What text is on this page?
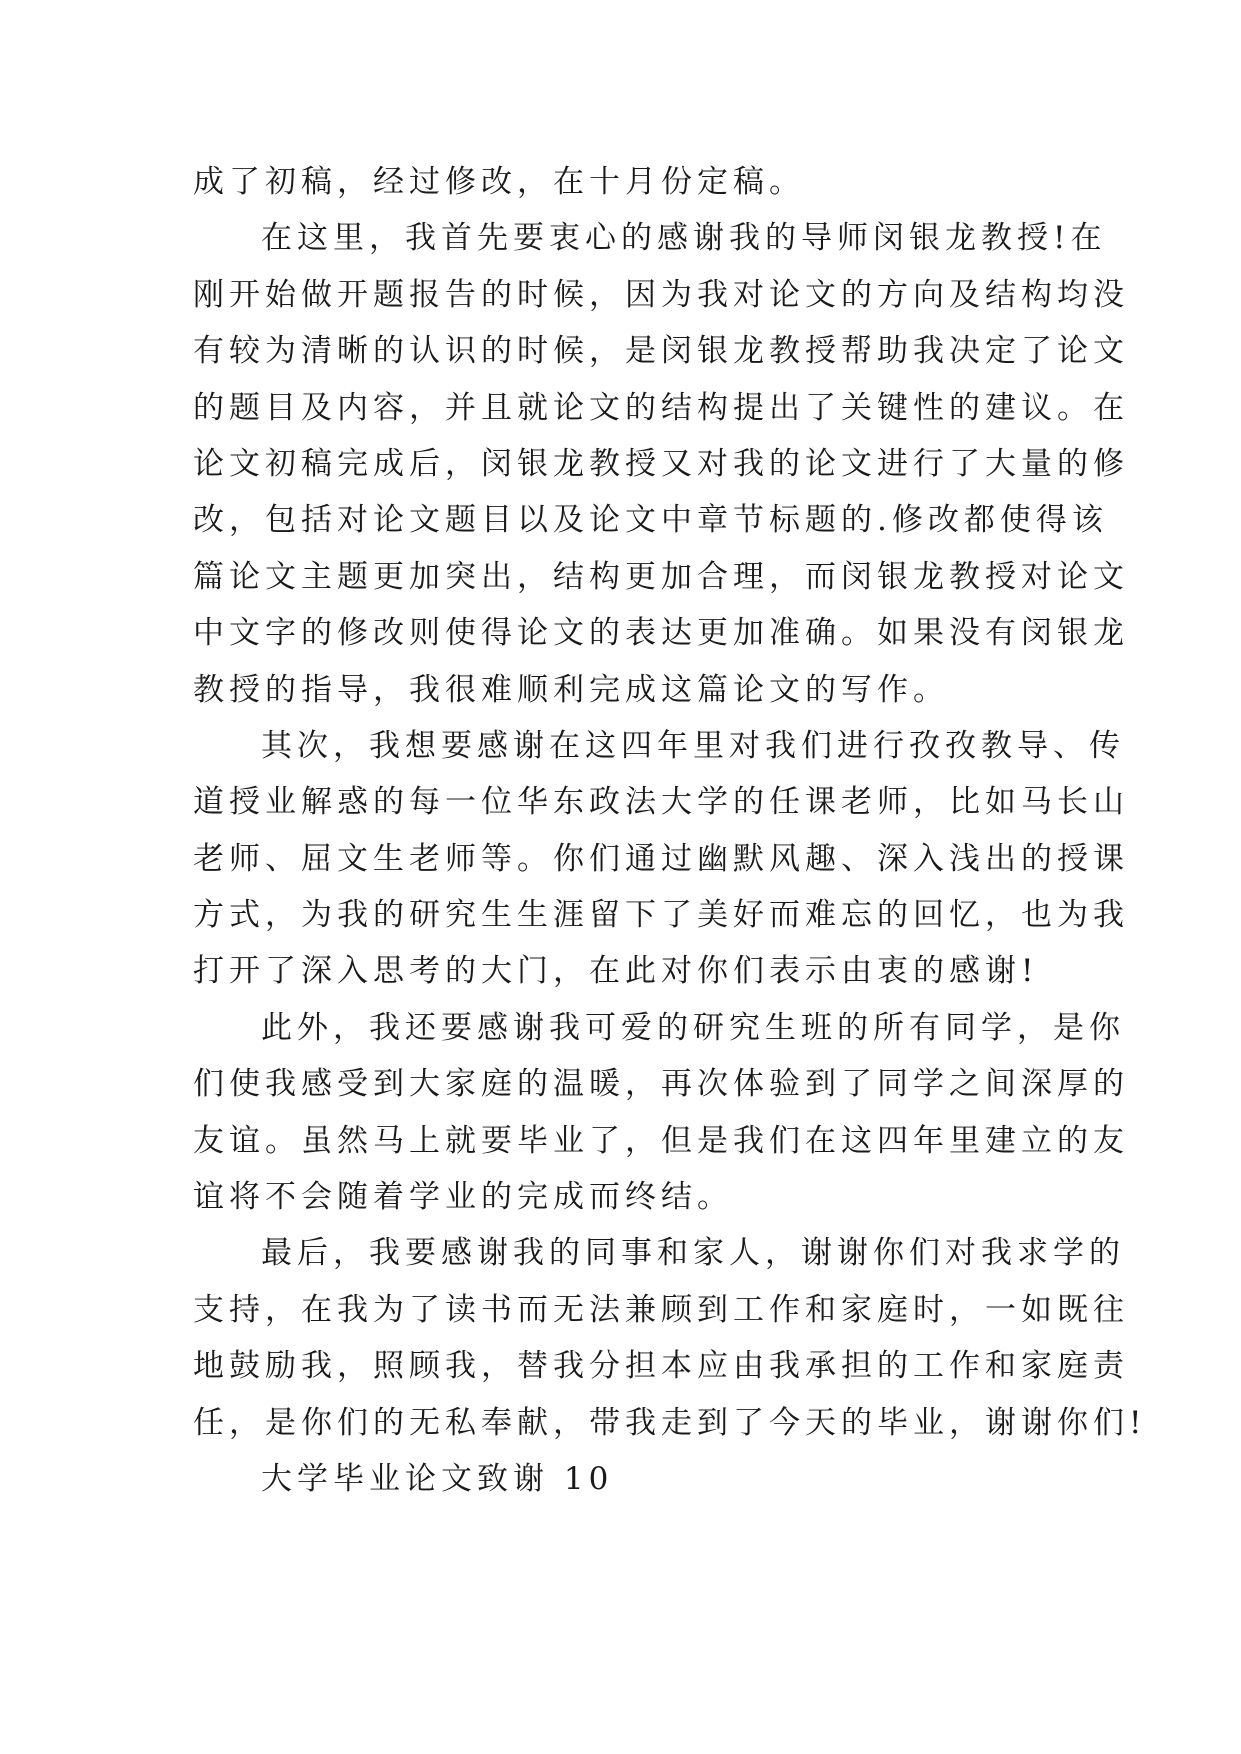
成了初稿，经过修改，在十月份定稿。
在这里，我首先要衷心的感谢我的导师闵银龙教授!在
刚开始做开题报告的时候，因为我对论文的方向及结构均没
有较为清晰的认识的时候，是闵银龙教授帮助我决定了论文
的题目及内容，并且就论文的结构提出了关键性的建议。在
论文初稿完成后，闵银龙教授又对我的论文进行了大量的修
改，包括对论文题目以及论文中章节标题的.修改都使得该
篇论文主题更加突出，结构更加合理，而闵银龙教授对论文
中文字的修改则使得论文的表达更加准确。如果没有闵银龙
教授的指导，我很难顺利完成这篇论文的写作。
其次，我想要感谢在这四年里对我们进行孜孜教导、传
道授业解惑的每一位华东政法大学的任课老师，比如马长山
老师、屈文生老师等。你们通过幽默风趣、深入浅出的授课
方式，为我的研究生生涯留下了美好而难忘的回忆，也为我
打开了深入思考的大门，在此对你们表示由衷的感谢!
此外，我还要感谢我可爱的研究生班的所有同学，是你
们使我感受到大家庭的温暖，再次体验到了同学之间深厚的
友谊。虽然马上就要毕业了，但是我们在这四年里建立的友
谊将不会随着学业的完成而终结。
最后，我要感谢我的同事和家人，谢谢你们对我求学的
支持，在我为了读书而无法兼顾到工作和家庭时，一如既往
地鼓励我，照顾我，替我分担本应由我承担的工作和家庭责
任，是你们的无私奉献，带我走到了今天的毕业，谢谢你们!
大学毕业论文致谢 10
